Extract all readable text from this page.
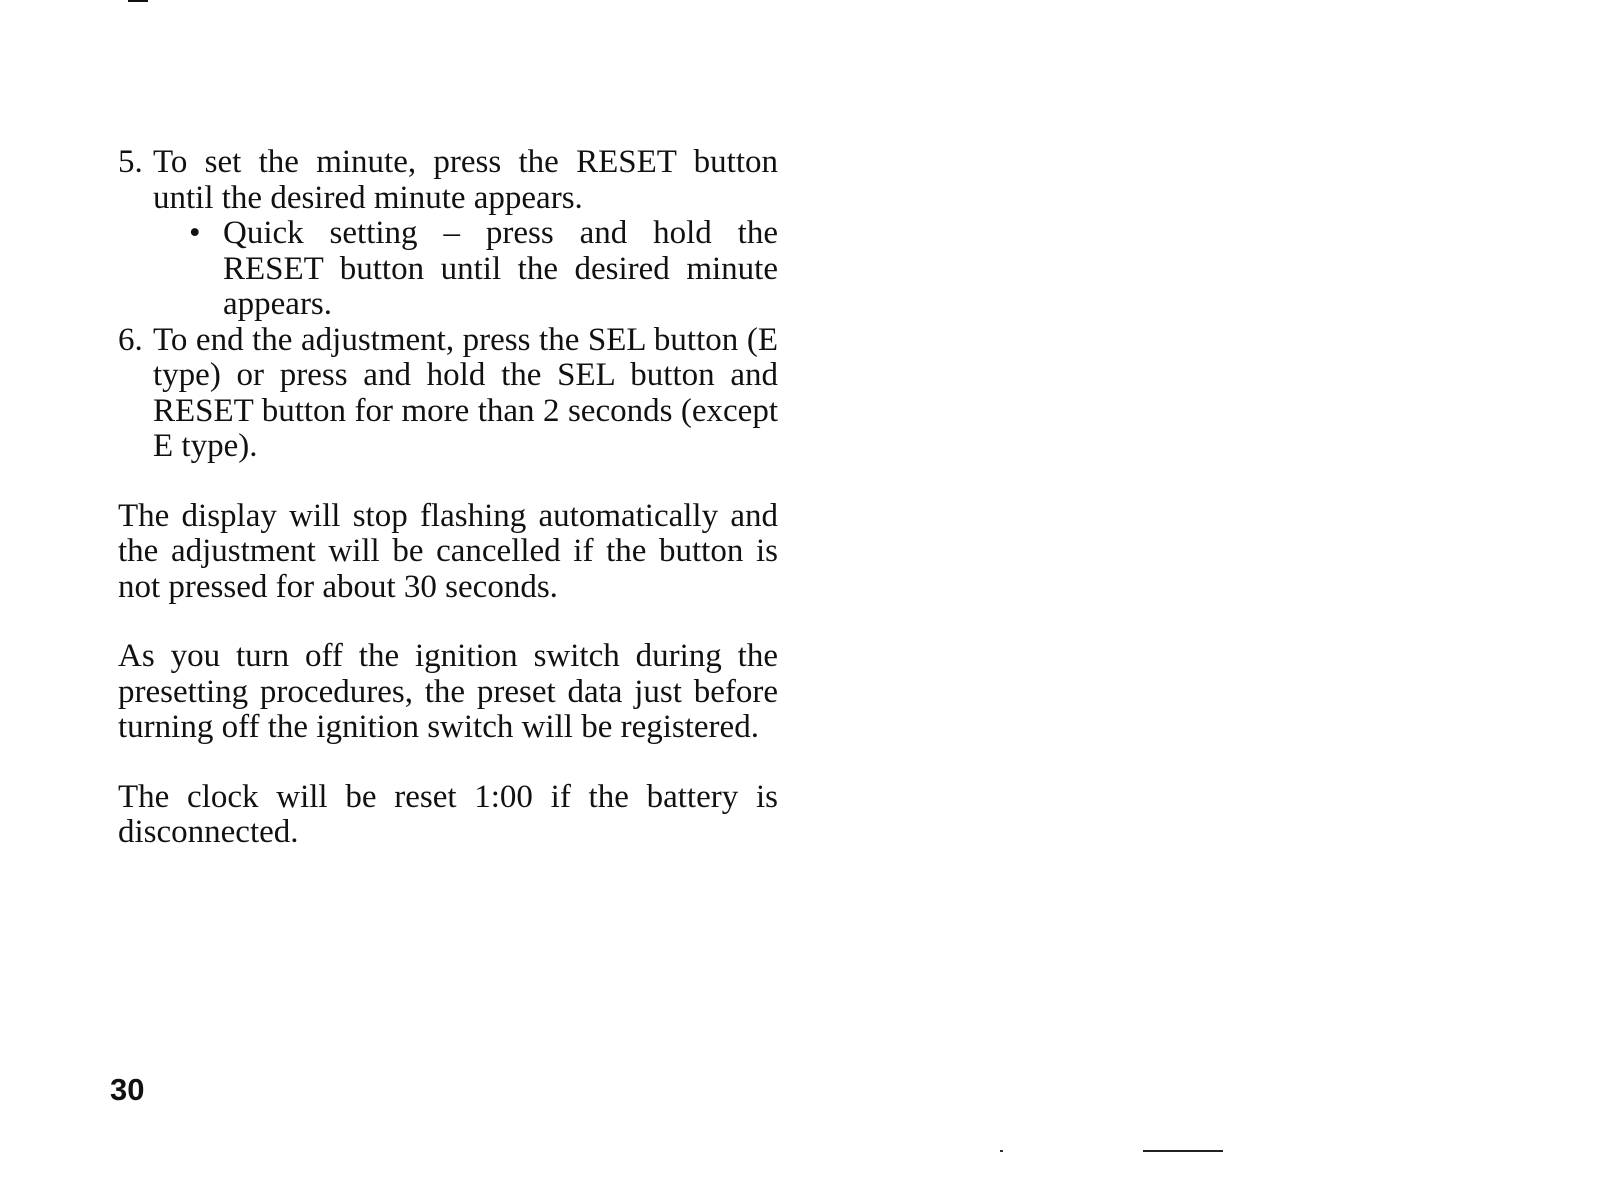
5. To set the minute, press the RESET button until the desired minute appears.
• Quick setting – press and hold the RESET button until the desired minute appears.
6. To end the adjustment, press the SEL button (E type) or press and hold the SEL button and RESET button for more than 2 seconds (except E type).

The display will stop flashing automatically and the adjustment will be cancelled if the button is not pressed for about 30 seconds.

As you turn off the ignition switch during the presetting procedures, the preset data just before turning off the ignition switch will be registered.

The clock will be reset 1:00 if the battery is disconnected.

30
